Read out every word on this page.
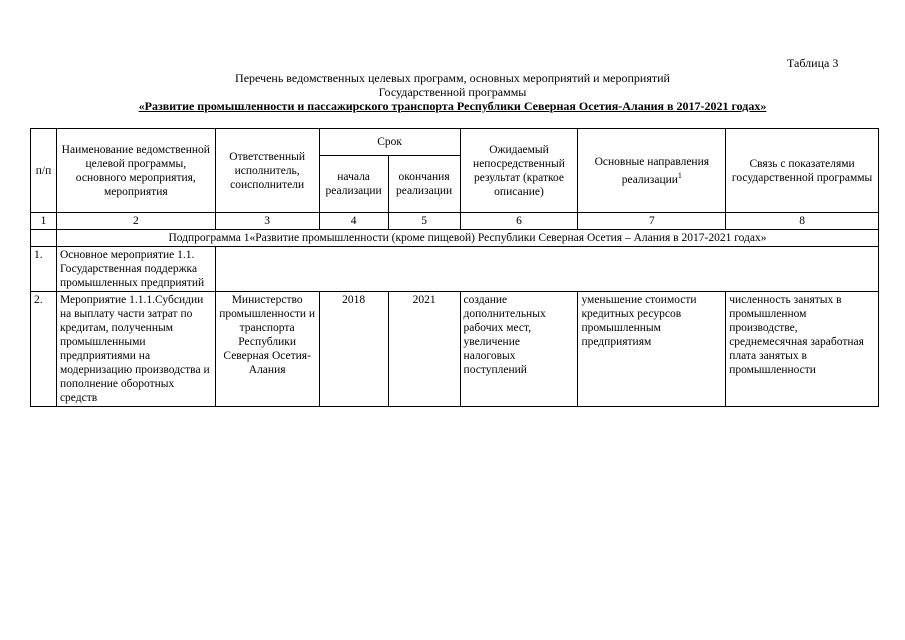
Таблица 3
Перечень ведомственных целевых программ, основных мероприятий и мероприятий
Государственной программы
«Развитие промышленности и пассажирского транспорта Республики Северная Осетия-Алания в 2017-2021 годах»
п/п	Наименование ведомственной целевой программы, основного мероприятия, мероприятия	Ответственный исполнитель, соисполнители	Срок		Ожидаемый непосредственный результат (краткое описание)	Основные направления реализации$^1$	Связь с показателями государственной программы
			начала реализации	окончания реализации			
1	2	3	4	5	6	7	8
	Подпрограмма 1«Развитие промышленности (кроме пищевой) Республики Северная Осетия – Алания в 2017-2021 годах»						
1.	Основное мероприятие 1.1. Государственная поддержка промышленных предприятий						
2.	Мероприятие 1.1.1.Субсидии на выплату части затрат по кредитам, полученным промышленными предприятиями на модернизацию производства и пополнение оборотных средств	Министерство промышленности и транспорта Республики Северная Осетия-Алания	2018	2021	создание дополнительных рабочих мест, увеличение налоговых поступлений	уменьшение стоимости кредитных ресурсов промышленным предприятиям	численность занятых в промышленном производстве, среднемесячная заработная плата занятых в промышленности
